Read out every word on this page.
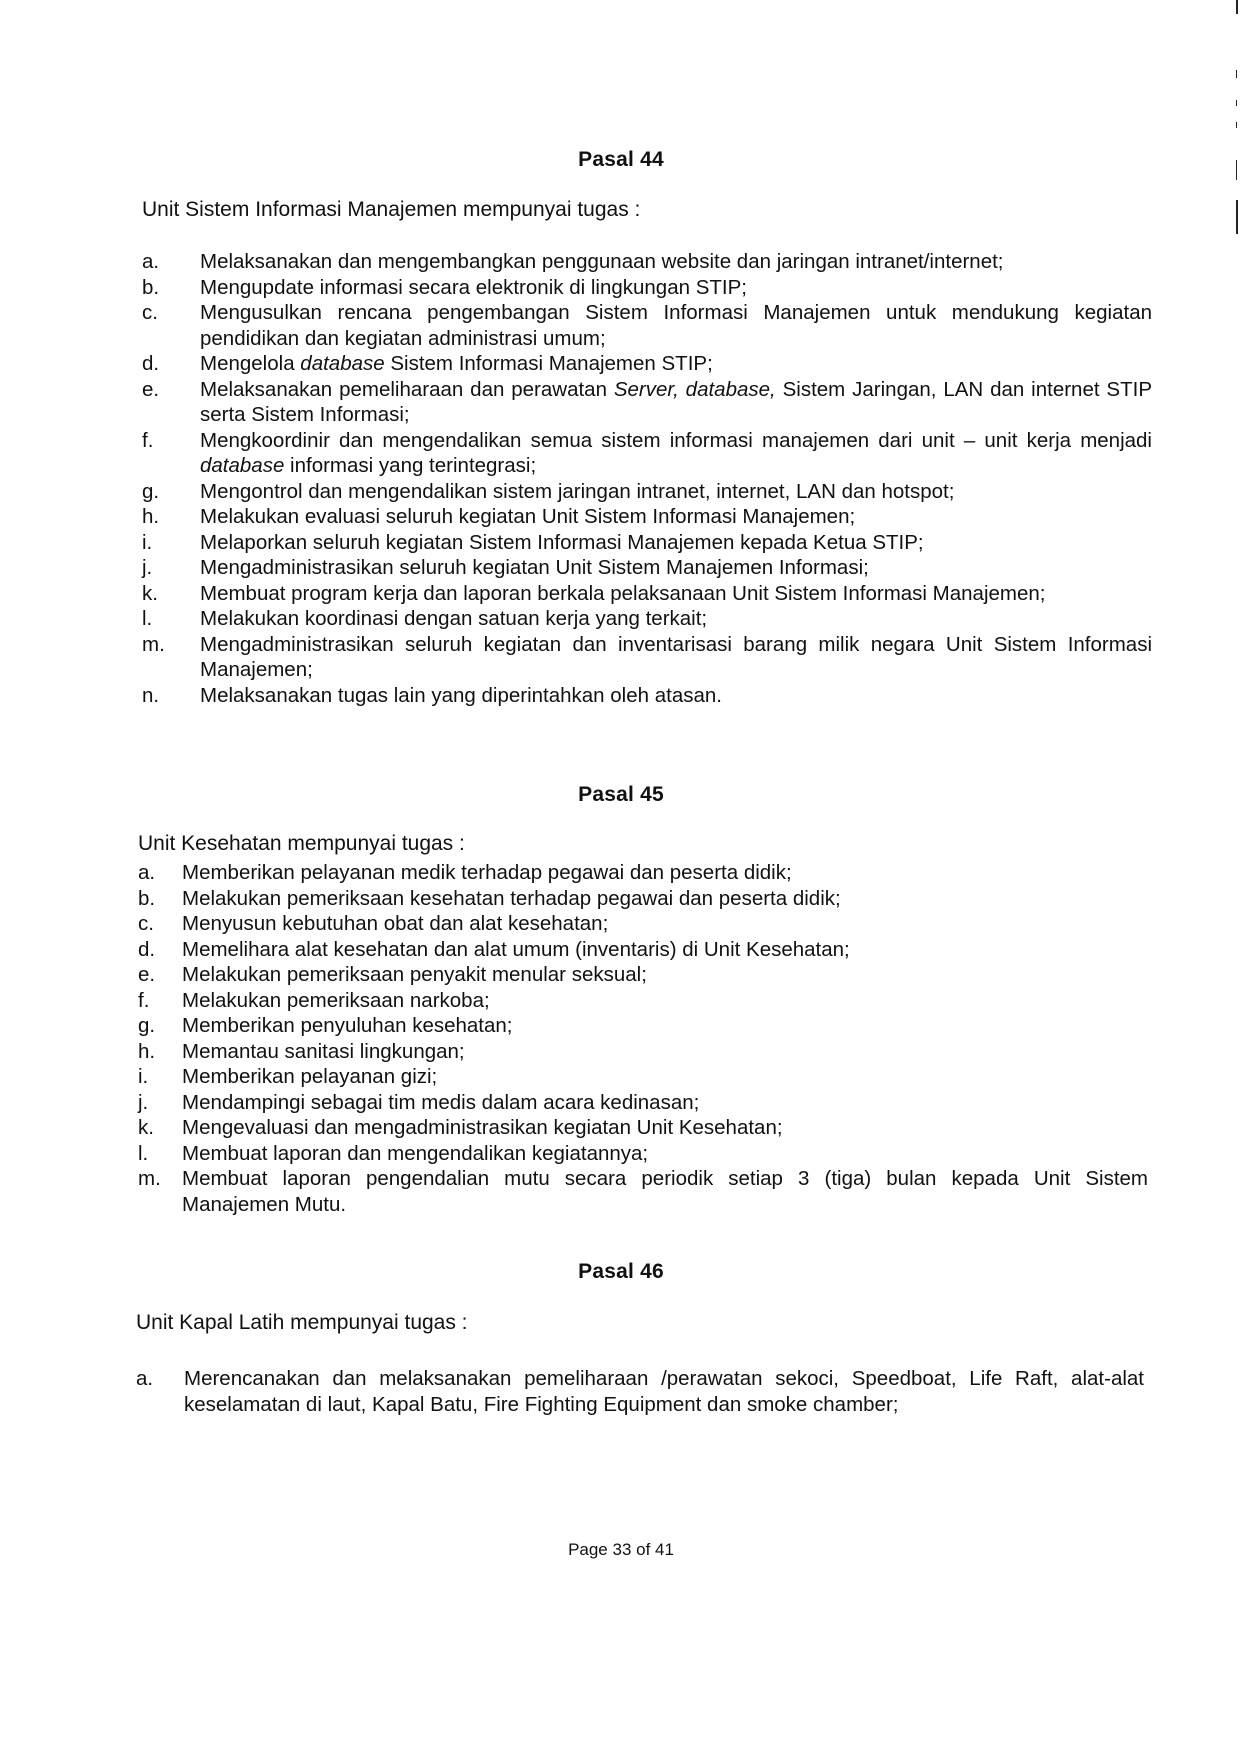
Pasal 44
Unit Sistem Informasi Manajemen mempunyai tugas :
a.	Melaksanakan dan mengembangkan penggunaan website dan jaringan intranet/internet;
b.	Mengupdate informasi secara elektronik di lingkungan STIP;
c.	Mengusulkan rencana pengembangan Sistem Informasi Manajemen untuk mendukung kegiatan pendidikan dan kegiatan administrasi umum;
d.	Mengelola database Sistem Informasi Manajemen STIP;
e.	Melaksanakan pemeliharaan dan perawatan Server, database, Sistem Jaringan, LAN dan internet STIP serta Sistem Informasi;
f.	Mengkoordinir dan mengendalikan semua sistem informasi manajemen dari unit – unit kerja menjadi database informasi yang terintegrasi;
g.	Mengontrol dan mengendalikan sistem jaringan intranet, internet, LAN dan hotspot;
h.	Melakukan evaluasi seluruh kegiatan Unit Sistem Informasi Manajemen;
i.	Melaporkan seluruh kegiatan Sistem Informasi Manajemen kepada Ketua STIP;
j.	Mengadministrasikan seluruh kegiatan Unit Sistem Manajemen Informasi;
k.	Membuat program kerja dan laporan berkala pelaksanaan Unit Sistem Informasi Manajemen;
l.	Melakukan koordinasi dengan satuan kerja yang terkait;
m.	Mengadministrasikan seluruh kegiatan dan inventarisasi barang milik negara Unit Sistem Informasi Manajemen;
n.	Melaksanakan tugas lain yang diperintahkan oleh atasan.
Pasal 45
Unit Kesehatan mempunyai tugas :
a.	Memberikan pelayanan medik terhadap pegawai dan peserta didik;
b.	Melakukan pemeriksaan kesehatan terhadap pegawai dan peserta didik;
c.	Menyusun kebutuhan obat dan alat kesehatan;
d.	Memelihara alat kesehatan dan alat umum (inventaris) di Unit Kesehatan;
e.	Melakukan pemeriksaan penyakit menular seksual;
f.	Melakukan pemeriksaan narkoba;
g.	Memberikan penyuluhan kesehatan;
h.	Memantau sanitasi lingkungan;
i.	Memberikan pelayanan gizi;
j.	Mendampingi sebagai tim medis dalam acara kedinasan;
k.	Mengevaluasi dan mengadministrasikan kegiatan Unit Kesehatan;
l.	Membuat laporan dan mengendalikan kegiatannya;
m.	Membuat laporan pengendalian mutu secara periodik setiap 3 (tiga) bulan kepada Unit Sistem Manajemen Mutu.
Pasal 46
Unit Kapal Latih mempunyai tugas :
a.	Merencanakan dan melaksanakan pemeliharaan /perawatan sekoci, Speedboat, Life Raft, alat-alat keselamatan di laut, Kapal Batu, Fire Fighting Equipment dan smoke chamber;
Page 33 of 41
